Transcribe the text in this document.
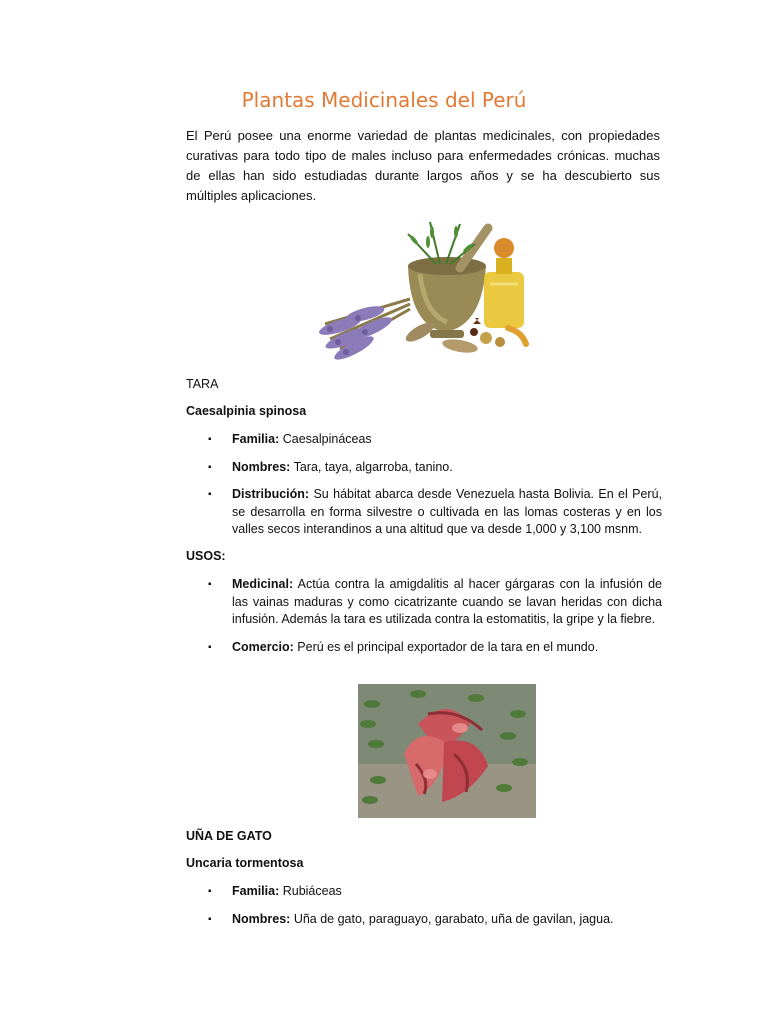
Plantas Medicinales del Perú

El Perú posee una enorme variedad de plantas medicinales, con propiedades curativas para todo tipo de males incluso para enfermedades crónicas. muchas de ellas han sido estudiadas durante largos años y se ha descubierto sus múltiples aplicaciones.

TARA

Caesalpinia spinosa

▪ Familia: Caesalpináceas
▪ Nombres: Tara, taya, algarroba, tanino.
▪ Distribución: Su hábitat abarca desde Venezuela hasta Bolivia. En el Perú, se desarrolla en forma silvestre o cultivada en las lomas costeras y en los valles secos interandinos a una altitud que va desde 1,000 y 3,100 msnm.

USOS:

▪ Medicinal: Actúa contra la amigdalitis al hacer gárgaras con la infusión de las vainas maduras y como cicatrizante cuando se lavan heridas con dicha infusión. Además la tara es utilizada contra la estomatitis, la gripe y la fiebre.
▪ Comercio: Perú es el principal exportador de la tara en el mundo.

UÑA DE GATO

Uncaria tormentosa

▪ Familia: Rubiáceas
▪ Nombres: Uña de gato, paraguayo, garabato, uña de gavilan, jagua.
